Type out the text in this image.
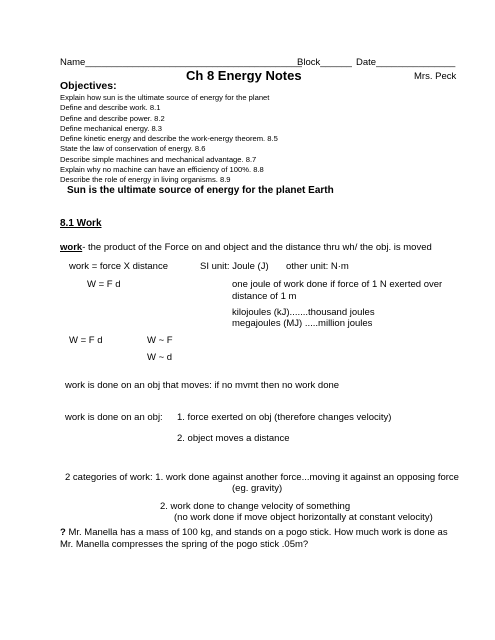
Name_________________________________________
Block______ Date_______________
Ch 8 Energy Notes	Mrs. Peck
Objectives:
Explain how sun is the ultimate source of energy for the planet
Define and describe work. 8.1
Define and describe power. 8.2
Define mechanical energy. 8.3
Define kinetic energy and describe the work-energy theorem. 8.5
State the law of conservation of energy. 8.6
Describe simple machines and mechanical advantage. 8.7
Explain why no machine can have an efficiency of 100%. 8.8
Describe the role of energy in living organisms. 8.9
Sun is the ultimate source of energy for the planet Earth
8.1 Work
work- the product of the Force on and object and the distance thru wh/ the obj. is moved
work = force X distance	SI unit: Joule (J) other unit: N·m
W = F d	one joule of work done if force of 1 N exerted over distance of 1 m
kilojoules (kJ).......thousand joules
megajoules (MJ) .....million joules
W = F d	W ~ F
W ~ d
work is done on an obj that moves: if no mvmt then no work done
work is done on an obj: 1. force exerted on obj (therefore changes velocity)
2. object moves a distance
2 categories of work: 1. work done against another force...moving it against an opposing force
(eg. gravity)
2. work done to change velocity of something
(no work done if move object horizontally at constant velocity)
? Mr. Manella has a mass of 100 kg, and stands on a pogo stick. How much work is done as Mr. Manella compresses the spring of the pogo stick .05m?
